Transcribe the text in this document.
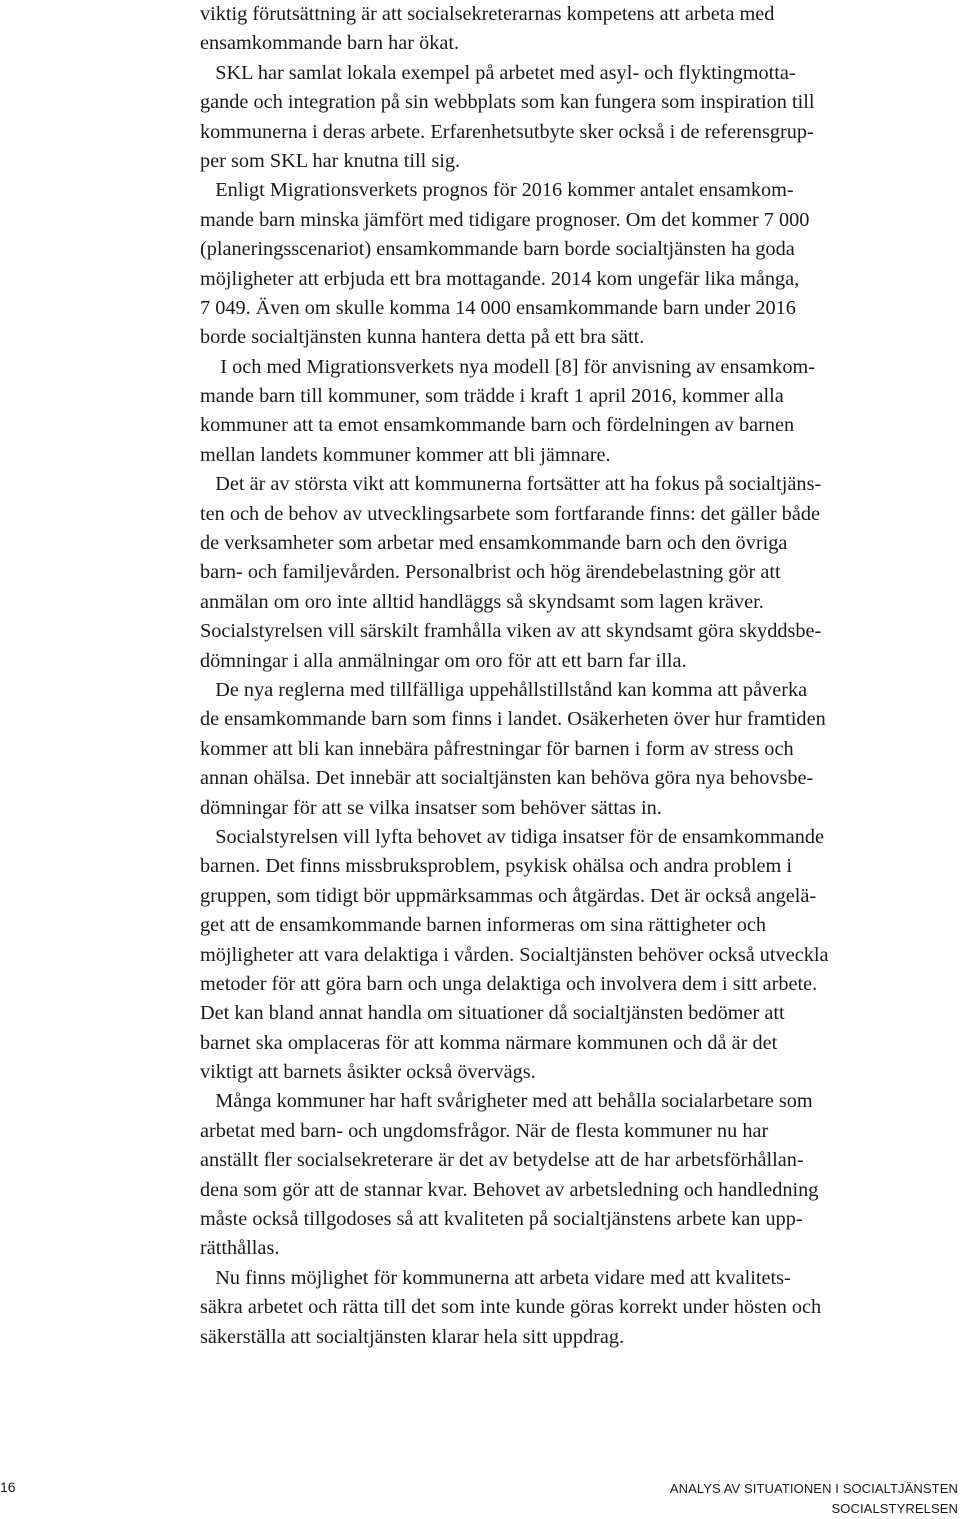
viktig förutsättning är att socialsekreterarnas kompetens att arbeta med
ensamkommande barn har ökat.
SKL har samlat lokala exempel på arbetet med asyl- och flyktingmotta-
gande och integration på sin webbplats som kan fungera som inspiration till
kommunerna i deras arbete. Erfarenhetsutbyte sker också i de referensgrup-
per som SKL har knutna till sig.
Enligt Migrationsverkets prognos för 2016 kommer antalet ensamkom-
mande barn minska jämfört med tidigare prognoser. Om det kommer 7 000
(planeringsscenariot) ensamkommande barn borde socialtjänsten ha goda
möjligheter att erbjuda ett bra mottagande. 2014 kom ungefär lika många,
7 049. Även om skulle komma 14 000 ensamkommande barn under 2016
borde socialtjänsten kunna hantera detta på ett bra sätt.
I och med Migrationsverkets nya modell [8] för anvisning av ensamkom-
mande barn till kommuner, som trädde i kraft 1 april 2016, kommer alla
kommuner att ta emot ensamkommande barn och fördelningen av barnen
mellan landets kommuner kommer att bli jämnare.
Det är av största vikt att kommunerna fortsätter att ha fokus på socialtjäns-
ten och de behov av utvecklingsarbete som fortfarande finns: det gäller både
de verksamheter som arbetar med ensamkommande barn och den övriga
barn- och familjevården. Personalbrist och hög ärendebelastning gör att
anmälan om oro inte alltid handläggs så skyndsamt som lagen kräver.
Socialstyrelsen vill särskilt framhålla viken av att skyndsamt göra skyddsbe-
dömningar i alla anmälningar om oro för att ett barn far illa.
De nya reglerna med tillfälliga uppehållstillstånd kan komma att påverka
de ensamkommande barn som finns i landet. Osäkerheten över hur framtiden
kommer att bli kan innebära påfrestningar för barnen i form av stress och
annan ohälsa. Det innebär att socialtjänsten kan behöva göra nya behovsbe-
dömningar för att se vilka insatser som behöver sättas in.
Socialstyrelsen vill lyfta behovet av tidiga insatser för de ensamkommande
barnen. Det finns missbruksproblem, psykisk ohälsa och andra problem i
gruppen, som tidigt bör uppmärksammas och åtgärdas. Det är också angelä-
get att de ensamkommande barnen informeras om sina rättigheter och
möjligheter att vara delaktiga i vården. Socialtjänsten behöver också utveckla
metoder för att göra barn och unga delaktiga och involvera dem i sitt arbete.
Det kan bland annat handla om situationer då socialtjänsten bedömer att
barnet ska omplaceras för att komma närmare kommunen och då är det
viktigt att barnets åsikter också övervägs.
Många kommuner har haft svårigheter med att behålla socialarbetare som
arbetat med barn- och ungdomsfrågor. När de flesta kommuner nu har
anställt fler socialsekreterare är det av betydelse att de har arbetsförhållan-
dena som gör att de stannar kvar. Behovet av arbetsledning och handledning
måste också tillgodoses så att kvaliteten på socialtjänstens arbete kan upp-
rätthållas.
Nu finns möjlighet för kommunerna att arbeta vidare med att kvalitets-
säkra arbetet och rätta till det som inte kunde göras korrekt under hösten och
säkerställa att socialtjänsten klarar hela sitt uppdrag.
16	ANALYS AV SITUATIONEN I SOCIALTJÄNSTEN
SOCIALSTYRELSEN
